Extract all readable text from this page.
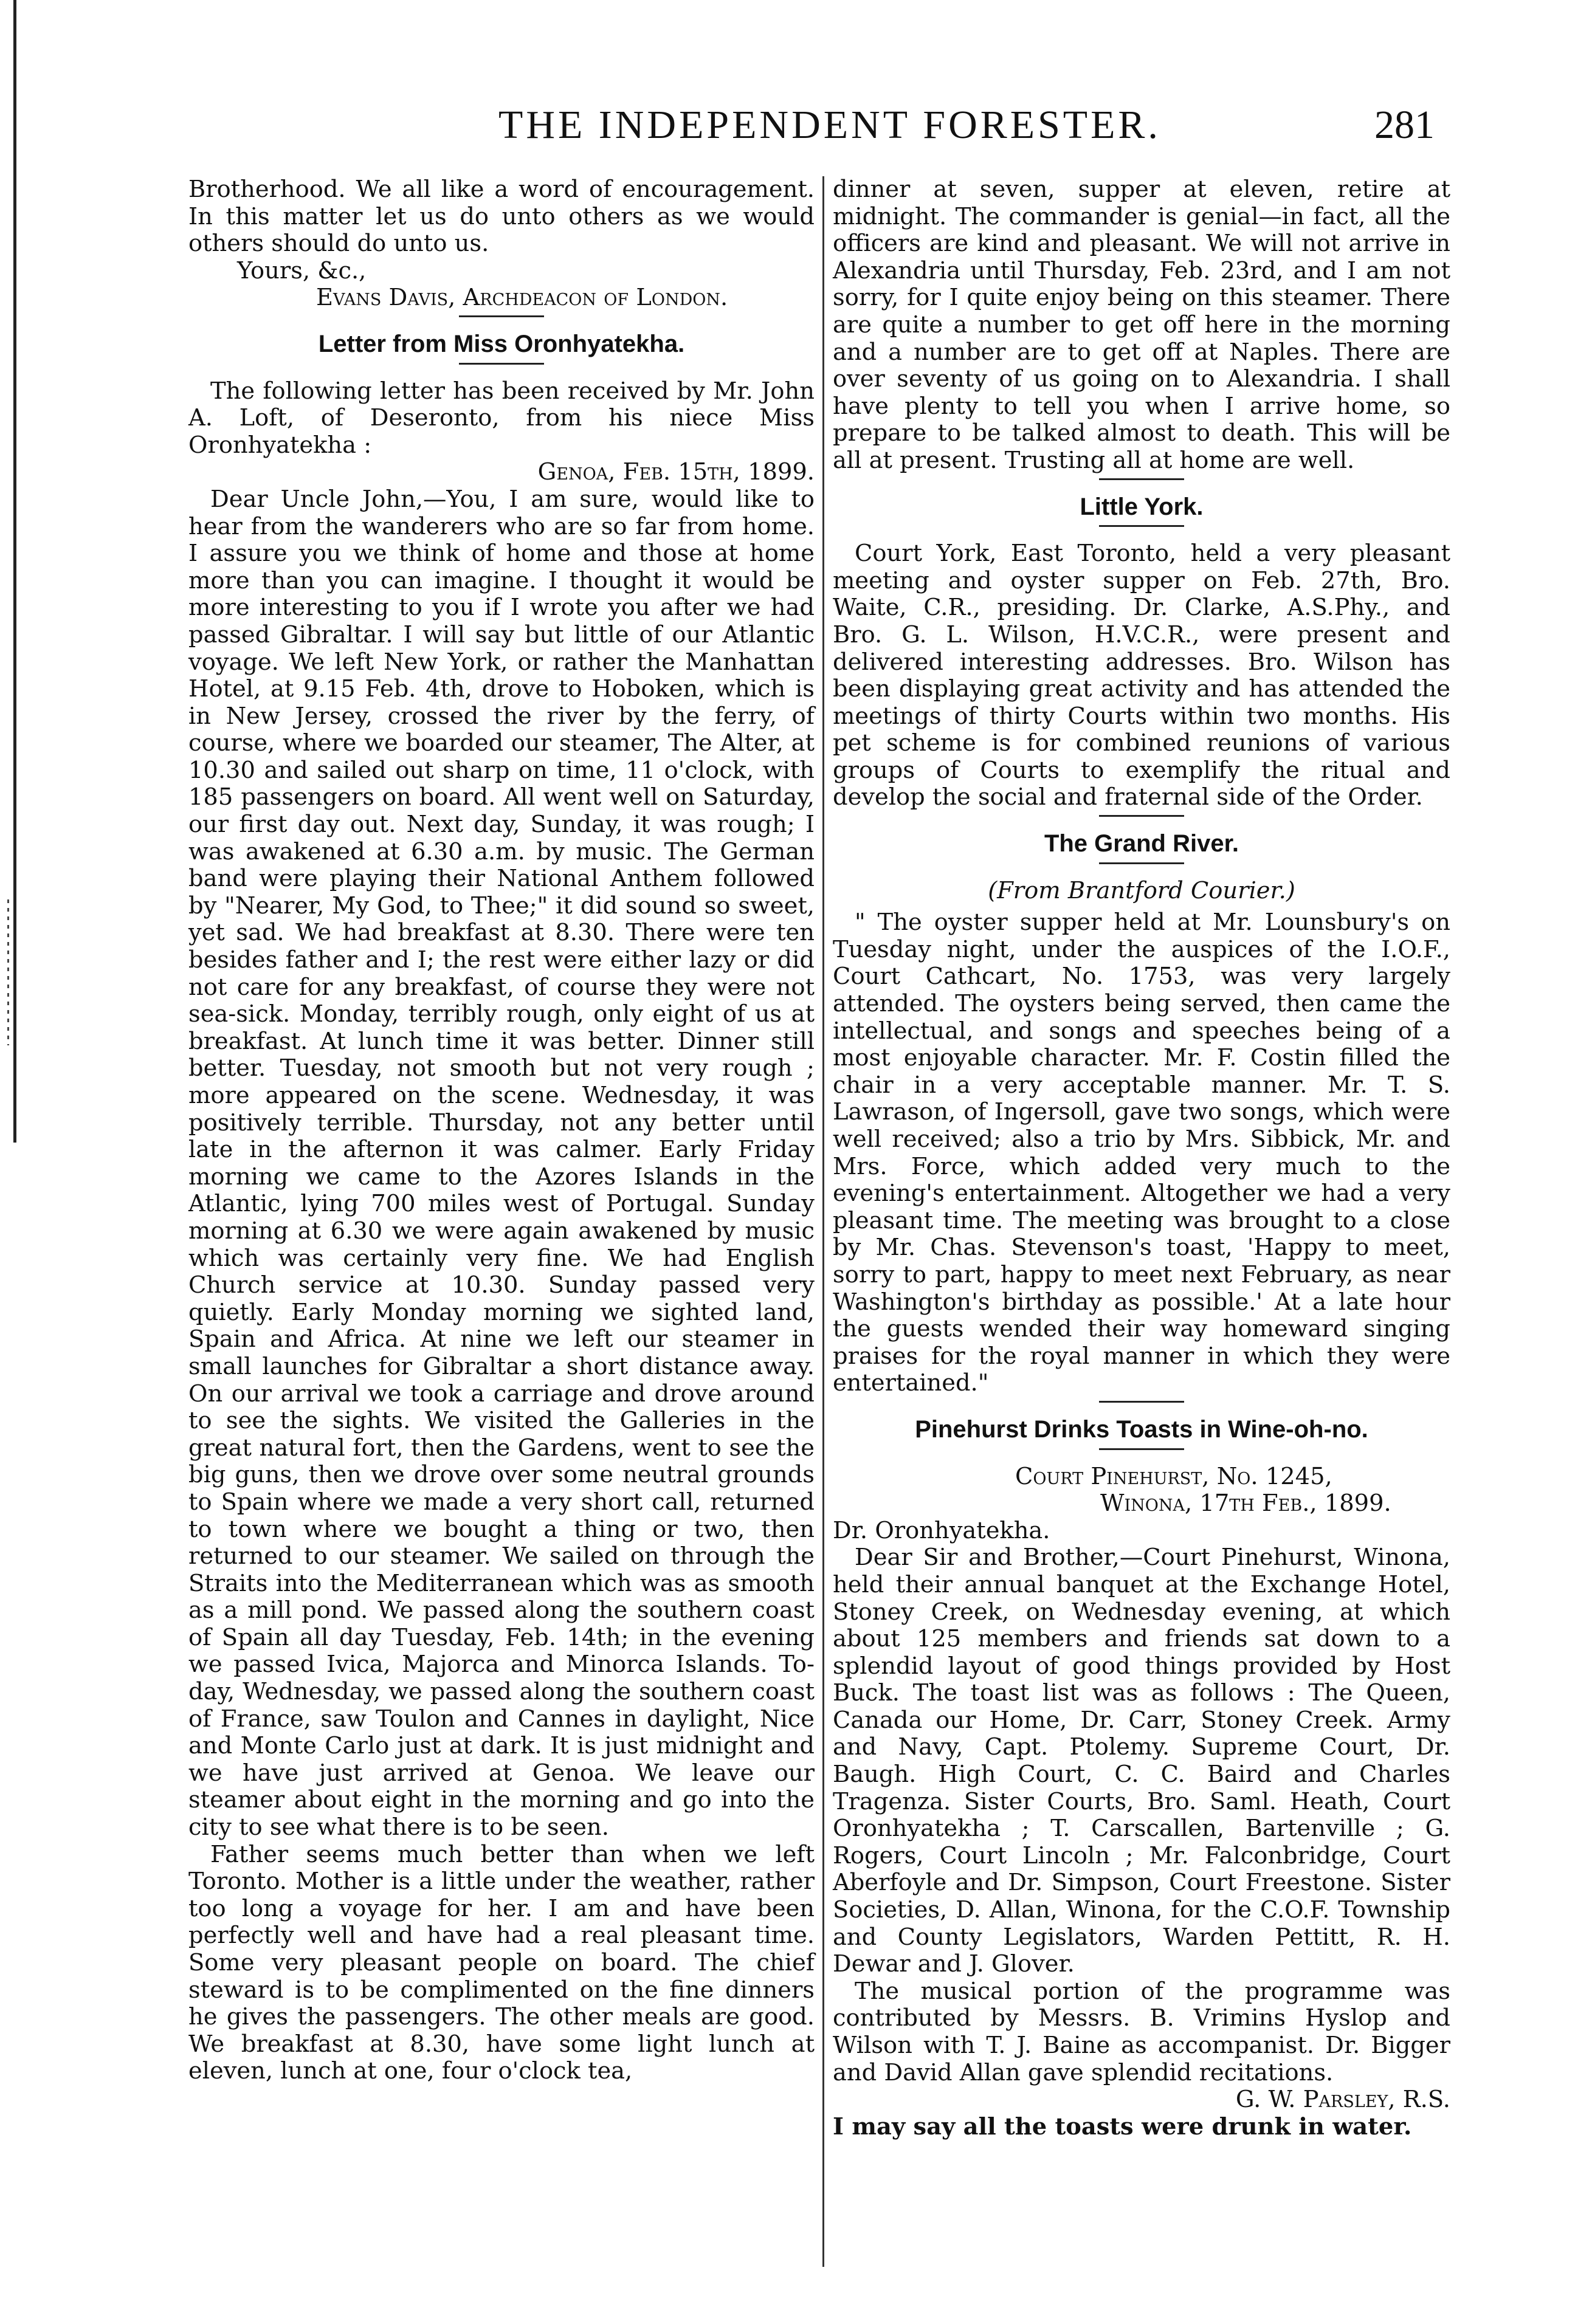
THE INDEPENDENT FORESTER.	281

Brotherhood. We all like a word of encouragement. In this matter let us do unto others as we would others should do unto us.

Yours, &c.,

Evans Davis, Archdeacon of London.

Letter from Miss Oronhyatekha.

The following letter has been received by Mr. John A. Loft, of Deseronto, from his niece Miss Oronhyatekha :

Genoa, Feb. 15th, 1899.

Dear Uncle John,—You, I am sure, would like to hear from the wanderers who are so far from home. I assure you we think of home and those at home more than you can imagine. I thought it would be more interesting to you if I wrote you after we had passed Gibraltar. I will say but little of our Atlantic voyage. We left New York, or rather the Manhattan Hotel, at 9.15 Feb. 4th, drove to Hoboken, which is in New Jersey, crossed the river by the ferry, of course, where we boarded our steamer, The Alter, at 10.30 and sailed out sharp on time, 11 o'clock, with 185 passengers on board. All went well on Saturday, our first day out. Next day, Sunday, it was rough; I was awakened at 6.30 a.m. by music. The German band were playing their National Anthem followed by "Nearer, My God, to Thee;" it did sound so sweet, yet sad. We had breakfast at 8.30. There were ten besides father and I; the rest were either lazy or did not care for any breakfast, of course they were not sea-sick. Monday, terribly rough, only eight of us at breakfast. At lunch time it was better. Dinner still better. Tuesday, not smooth but not very rough ; more appeared on the scene. Wednesday, it was positively terrible. Thursday, not any better until late in the afternon it was calmer. Early Friday morning we came to the Azores Islands in the Atlantic, lying 700 miles west of Portugal. Sunday morning at 6.30 we were again awakened by music which was certainly very fine. We had English Church service at 10.30. Sunday passed very quietly. Early Monday morning we sighted land, Spain and Africa. At nine we left our steamer in small launches for Gibraltar a short distance away. On our arrival we took a carriage and drove around to see the sights. We visited the Galleries in the great natural fort, then the Gardens, went to see the big guns, then we drove over some neutral grounds to Spain where we made a very short call, returned to town where we bought a thing or two, then returned to our steamer. We sailed on through the Straits into the Mediterranean which was as smooth as a mill pond. We passed along the southern coast of Spain all day Tuesday, Feb. 14th; in the evening we passed Ivica, Majorca and Minorca Islands. To-day, Wednesday, we passed along the southern coast of France, saw Toulon and Cannes in daylight, Nice and Monte Carlo just at dark. It is just midnight and we have just arrived at Genoa. We leave our steamer about eight in the morning and go into the city to see what there is to be seen.

Father seems much better than when we left Toronto. Mother is a little under the weather, rather too long a voyage for her. I am and have been perfectly well and have had a real pleasant time. Some very pleasant people on board. The chief steward is to be complimented on the fine dinners he gives the passengers. The other meals are good. We breakfast at 8.30, have some light lunch at eleven, lunch at one, four o'clock tea,

dinner at seven, supper at eleven, retire at midnight. The commander is genial—in fact, all the officers are kind and pleasant. We will not arrive in Alexandria until Thursday, Feb. 23rd, and I am not sorry, for I quite enjoy being on this steamer. There are quite a number to get off here in the morning and a number are to get off at Naples. There are over seventy of us going on to Alexandria. I shall have plenty to tell you when I arrive home, so prepare to be talked almost to death. This will be all at present. Trusting all at home are well.

Little York.

Court York, East Toronto, held a very pleasant meeting and oyster supper on Feb. 27th, Bro. Waite, C.R., presiding. Dr. Clarke, A.S.Phy., and Bro. G. L. Wilson, H.V.C.R., were present and delivered interesting addresses. Bro. Wilson has been displaying great activity and has attended the meetings of thirty Courts within two months. His pet scheme is for combined reunions of various groups of Courts to exemplify the ritual and develop the social and fraternal side of the Order.

The Grand River.

(From Brantford Courier.)

" The oyster supper held at Mr. Lounsbury's on Tuesday night, under the auspices of the I.O.F., Court Cathcart, No. 1753, was very largely attended. The oysters being served, then came the intellectual, and songs and speeches being of a most enjoyable character. Mr. F. Costin filled the chair in a very acceptable manner. Mr. T. S. Lawrason, of Ingersoll, gave two songs, which were well received; also a trio by Mrs. Sibbick, Mr. and Mrs. Force, which added very much to the evening's entertainment. Altogether we had a very pleasant time. The meeting was brought to a close by Mr. Chas. Stevenson's toast, 'Happy to meet, sorry to part, happy to meet next February, as near Washington's birthday as possible.' At a late hour the guests wended their way homeward singing praises for the royal manner in which they were entertained."

Pinehurst Drinks Toasts in Wine-oh-no.

Court Pinehurst, No. 1245,

Winona, 17th Feb., 1899.

Dr. Oronhyatekha.

Dear Sir and Brother,—Court Pinehurst, Winona, held their annual banquet at the Exchange Hotel, Stoney Creek, on Wednesday evening, at which about 125 members and friends sat down to a splendid layout of good things provided by Host Buck. The toast list was as follows : The Queen, Canada our Home, Dr. Carr, Stoney Creek. Army and Navy, Capt. Ptolemy. Supreme Court, Dr. Baugh. High Court, C. C. Baird and Charles Tragenza. Sister Courts, Bro. Saml. Heath, Court Oronhyatekha ; T. Carscallen, Bartenville ; G. Rogers, Court Lincoln ; Mr. Falconbridge, Court Aberfoyle and Dr. Simpson, Court Freestone. Sister Societies, D. Allan, Winona, for the C.O.F. Township and County Legislators, Warden Pettitt, R. H. Dewar and J. Glover.

The musical portion of the programme was contributed by Messrs. B. Vrimins Hyslop and Wilson with T. J. Baine as accompanist. Dr. Bigger and David Allan gave splendid recitations.

G. W. Parsley, R.S.

I may say all the toasts were drunk in water.
